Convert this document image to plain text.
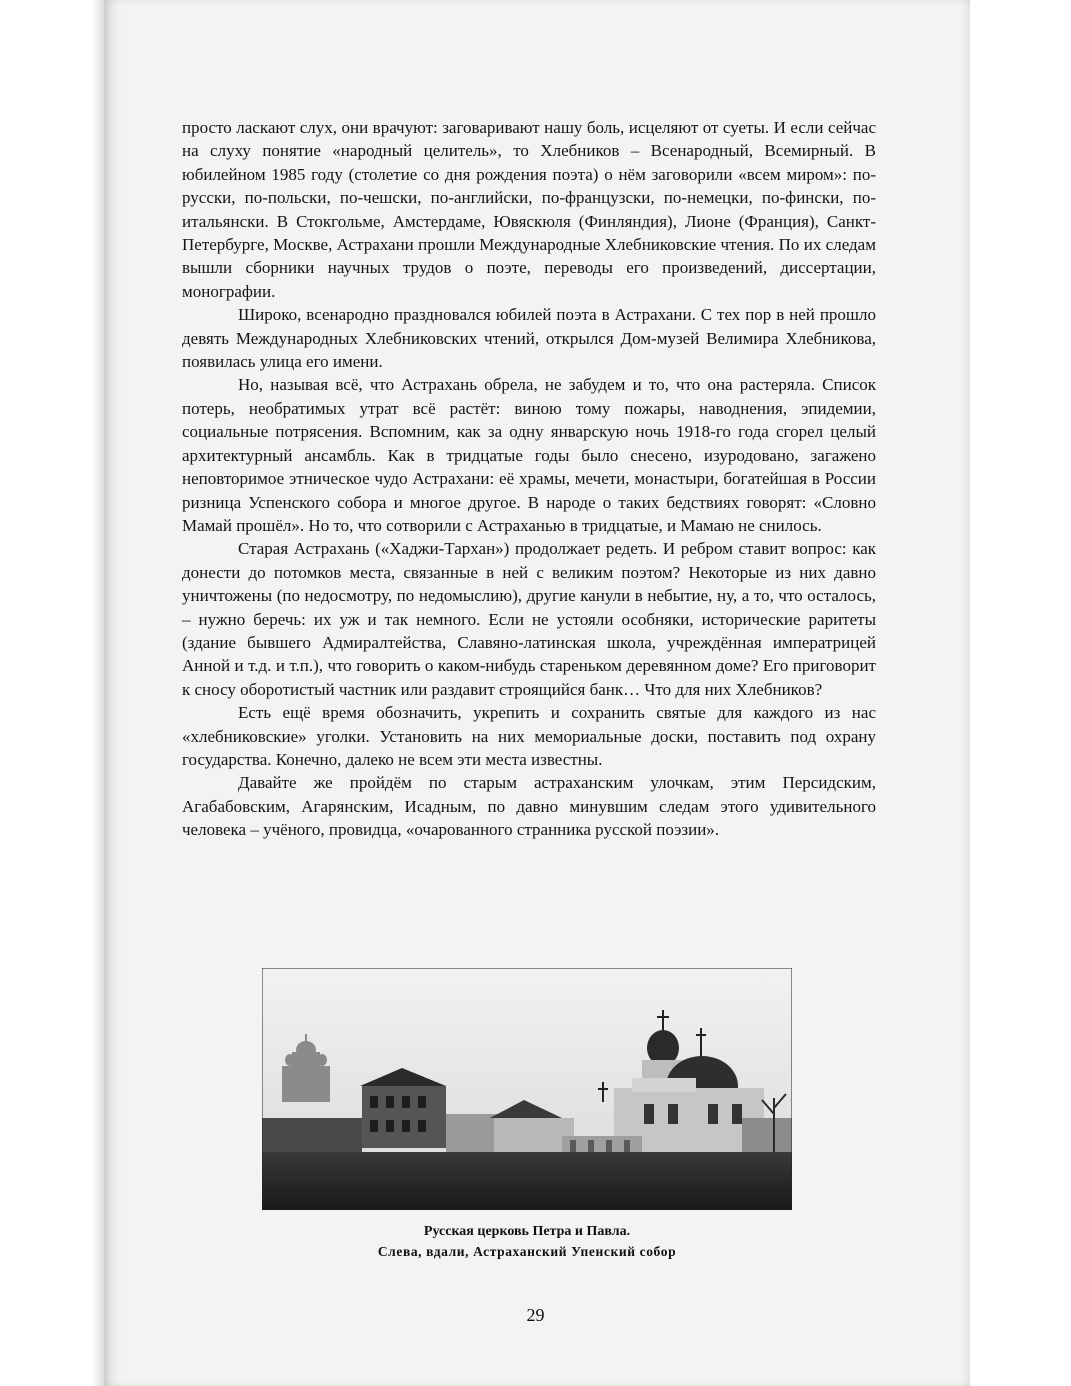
просто ласкают слух, они врачуют: заговаривают нашу боль, исцеляют от суеты. И если сейчас на слуху понятие «народный целитель», то Хлебников – Всенародный, Всемирный. В юбилейном 1985 году (столетие со дня рождения поэта) о нём заговорили «всем миром»: по-русски, по-польски, по-чешски, по-английски, по-французски, по-немецки, по-фински, по-итальянски. В Стокгольме, Амстердаме, Ювяскюля (Финляндия), Лионе (Франция), Санкт-Петербурге, Москве, Астрахани прошли Международные Хлебниковские чтения. По их следам вышли сборники научных трудов о поэте, переводы его произведений, диссертации, монографии.

Широко, всенародно праздновался юбилей поэта в Астрахани. С тех пор в ней прошло девять Международных Хлебниковских чтений, открылся Дом-музей Велимира Хлебникова, появилась улица его имени.

Но, называя всё, что Астрахань обрела, не забудем и то, что она растеряла. Список потерь, необратимых утрат всё растёт: виною тому пожары, наводнения, эпидемии, социальные потрясения. Вспомним, как за одну январскую ночь 1918-го года сгорел целый архитектурный ансамбль. Как в тридцатые годы было снесено, изуродовано, загажено неповторимое этническое чудо Астрахани: её храмы, мечети, монастыри, богатейшая в России ризница Успенского собора и многое другое. В народе о таких бедствиях говорят: «Словно Мамай прошёл». Но то, что сотворили с Астраханью в тридцатые, и Мамаю не снилось.

Старая Астрахань («Хаджи-Тархан») продолжает редеть. И ребром ставит вопрос: как донести до потомков места, связанные в ней с великим поэтом? Некоторые из них давно уничтожены (по недосмотру, по недомыслию), другие канули в небытие, ну, а то, что осталось, – нужно беречь: их уж и так немного. Если не устояли особняки, исторические раритеты (здание бывшего Адмиралтейства, Славяно-латинская школа, учреждённая императрицей Анной и т.д. и т.п.), что говорить о каком-нибудь стареньком деревянном доме? Его приговорит к сносу оборотистый частник или раздавит строящийся банк… Что для них Хлебников?

Есть ещё время обозначить, укрепить и сохранить святые для каждого из нас «хлебниковские» уголки. Установить на них мемориальные доски, поставить под охрану государства. Конечно, далеко не всем эти места известны.

Давайте же пройдём по старым астраханским улочкам, этим Персидским, Агабабовским, Агарянским, Исадным, по давно минувшим следам этого удивительного человека – учёного, провидца, «очарованного странника русской поэзии».

Русская церковь Петра и Павла.
Слева, вдали, Астраханский Упенский собор
29
